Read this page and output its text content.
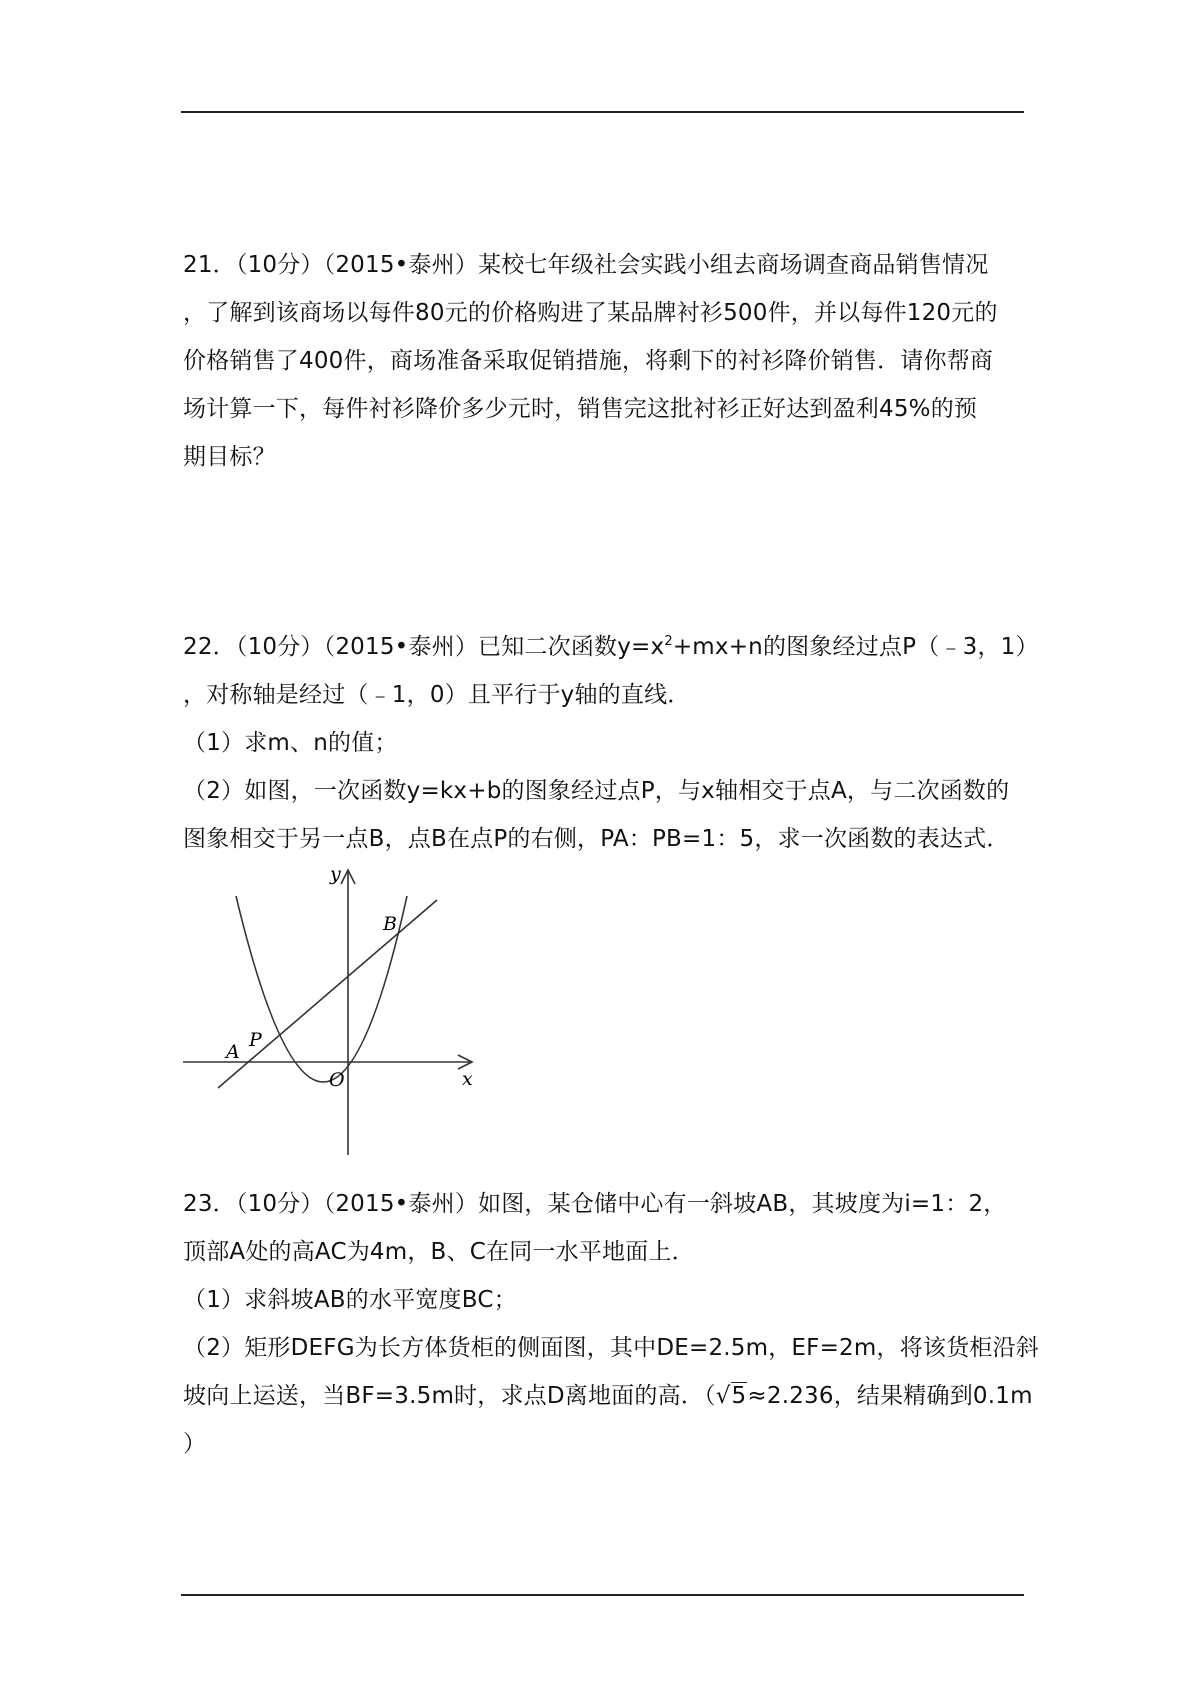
21．（10分）（2015•泰州）某校七年级社会实践小组去商场调查商品销售情况
，了解到该商场以每件80元的价格购进了某品牌衬衫500件，并以每件120元的
价格销售了400件，商场准备采取促销措施，将剩下的衬衫降价销售．请你帮商
场计算一下，每件衬衫降价多少元时，销售完这批衬衫正好达到盈利45%的预
期目标？
22．（10分）（2015•泰州）已知二次函数$y=x^2+mx+n$的图象经过点P（﹣3，1）
，对称轴是经过（﹣1，0）且平行于y轴的直线．
（1）求m、n的值；
（2）如图，一次函数y=kx+b的图象经过点P，与x轴相交于点A，与二次函数的
图象相交于另一点B，点B在点P的右侧，PA：PB=1：5，求一次函数的表达式．
y
x
O
A
P
B
23．（10分）（2015•泰州）如图，某仓储中心有一斜坡AB，其坡度为i=1：2，
顶部A处的高AC为4m，B、C在同一水平地面上．
（1）求斜坡AB的水平宽度BC；
（2）矩形DEFG为长方体货柜的侧面图，其中DE=2.5m，EF=2m，将该货柜沿斜
坡向上运送，当BF=3.5m时，求点D离地面的高．（√5≈2.236，结果精确到0.1m
）
